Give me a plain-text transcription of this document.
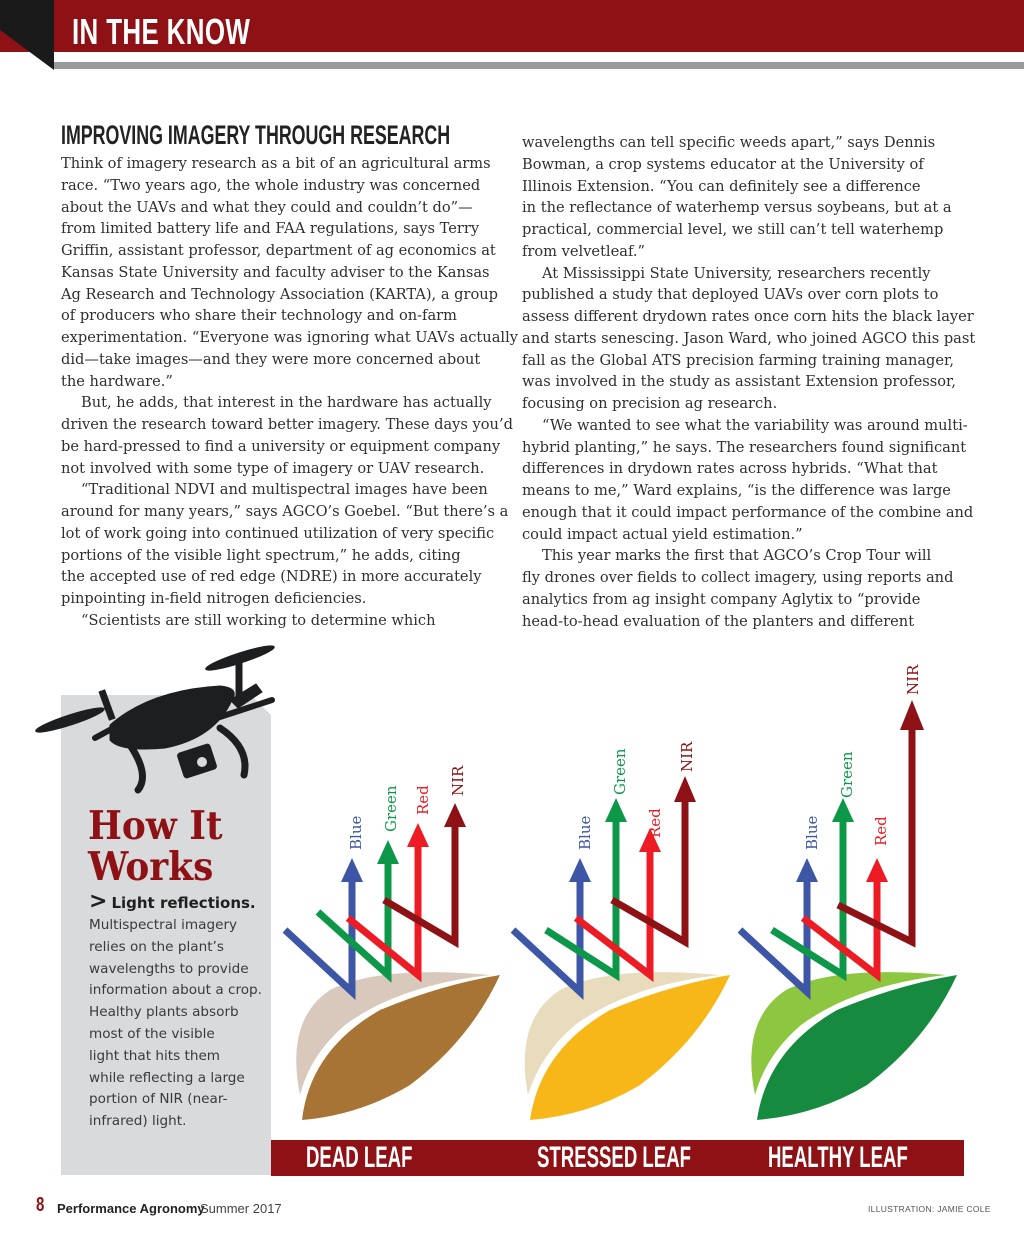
IN THE KNOW
IMPROVING IMAGERY THROUGH RESEARCH
Think of imagery research as a bit of an agricultural arms
race. “Two years ago, the whole industry was concerned
about the UAVs and what they could and couldn’t do”—
from limited battery life and FAA regulations, says Terry
Griffin, assistant professor, department of ag economics at
Kansas State University and faculty adviser to the Kansas
Ag Research and Technology Association (KARTA), a group
of producers who share their technology and on-farm
experimentation. “Everyone was ignoring what UAVs actually
did—take images—and they were more concerned about
the hardware.”
But, he adds, that interest in the hardware has actually
driven the research toward better imagery. These days you’d
be hard-pressed to find a university or equipment company
not involved with some type of imagery or UAV research.
“Traditional NDVI and multispectral images have been
around for many years,” says AGCO’s Goebel. “But there’s a
lot of work going into continued utilization of very specific
portions of the visible light spectrum,” he adds, citing
the accepted use of red edge (NDRE) in more accurately
pinpointing in-field nitrogen deficiencies.
“Scientists are still working to determine which
wavelengths can tell specific weeds apart,” says Dennis
Bowman, a crop systems educator at the University of
Illinois Extension. “You can definitely see a difference
in the reflectance of waterhemp versus soybeans, but at a
practical, commercial level, we still can’t tell waterhemp
from velvetleaf.”
At Mississippi State University, researchers recently
published a study that deployed UAVs over corn plots to
assess different drydown rates once corn hits the black layer
and starts senescing. Jason Ward, who joined AGCO this past
fall as the Global ATS precision farming training manager,
was involved in the study as assistant Extension professor,
focusing on precision ag research.
“We wanted to see what the variability was around multi-
hybrid planting,” he says. The researchers found significant
differences in drydown rates across hybrids. “What that
means to me,” Ward explains, “is the difference was large
enough that it could impact performance of the combine and
could impact actual yield estimation.”
This year marks the first that AGCO’s Crop Tour will
fly drones over fields to collect imagery, using reports and
analytics from ag insight company Aglytix to “provide
head-to-head evaluation of the planters and different
Blue
Green Red
NIR
Blue
Green
Red
NIR
Blue
Green
Red
NIR
How It
Works
> Light reflections.
Multispectral imagery
relies on the plant’s
wavelengths to provide
information about a crop.
Healthy plants absorb
most of the visible
light that hits them
while reflecting a large
portion of NIR (near-
infrared) light.
DEAD LEAF	STRESSED LEAF	HEALTHY LEAF
8 Performance Agronomy
Summer 2017	ILLUSTRATION: JAMIE COLE
